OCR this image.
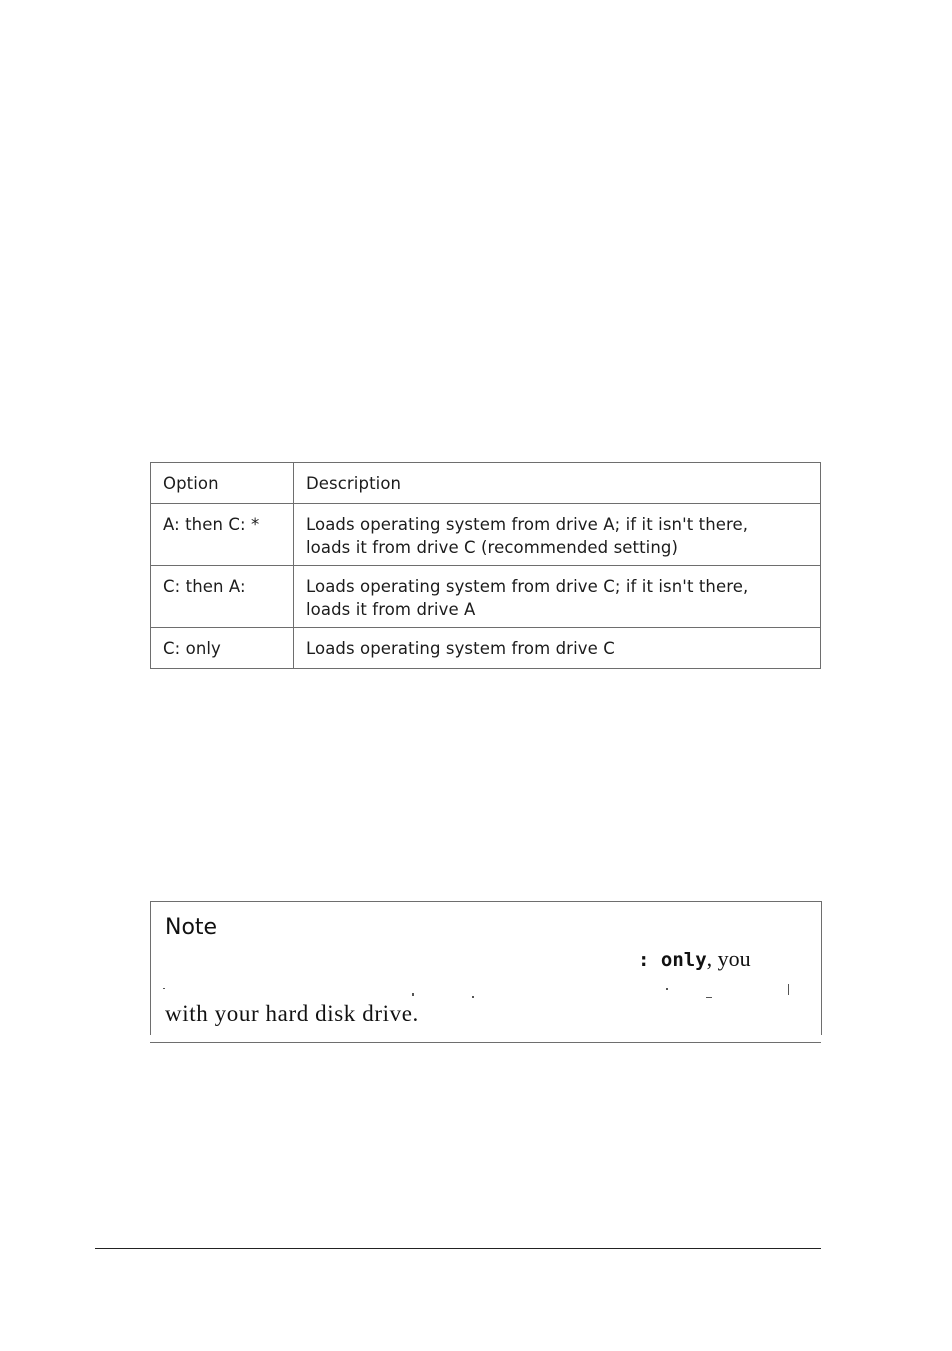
Option	Description
A: then C: *	Loads operating system from drive A; if it isn't there,
loads it from drive C (recommended setting)

C: then A:	Loads operating system from drive C; if it isn't there,
loads it from drive A

C: only	Loads operating system from drive C
Note
: only, you
with your hard disk drive.
